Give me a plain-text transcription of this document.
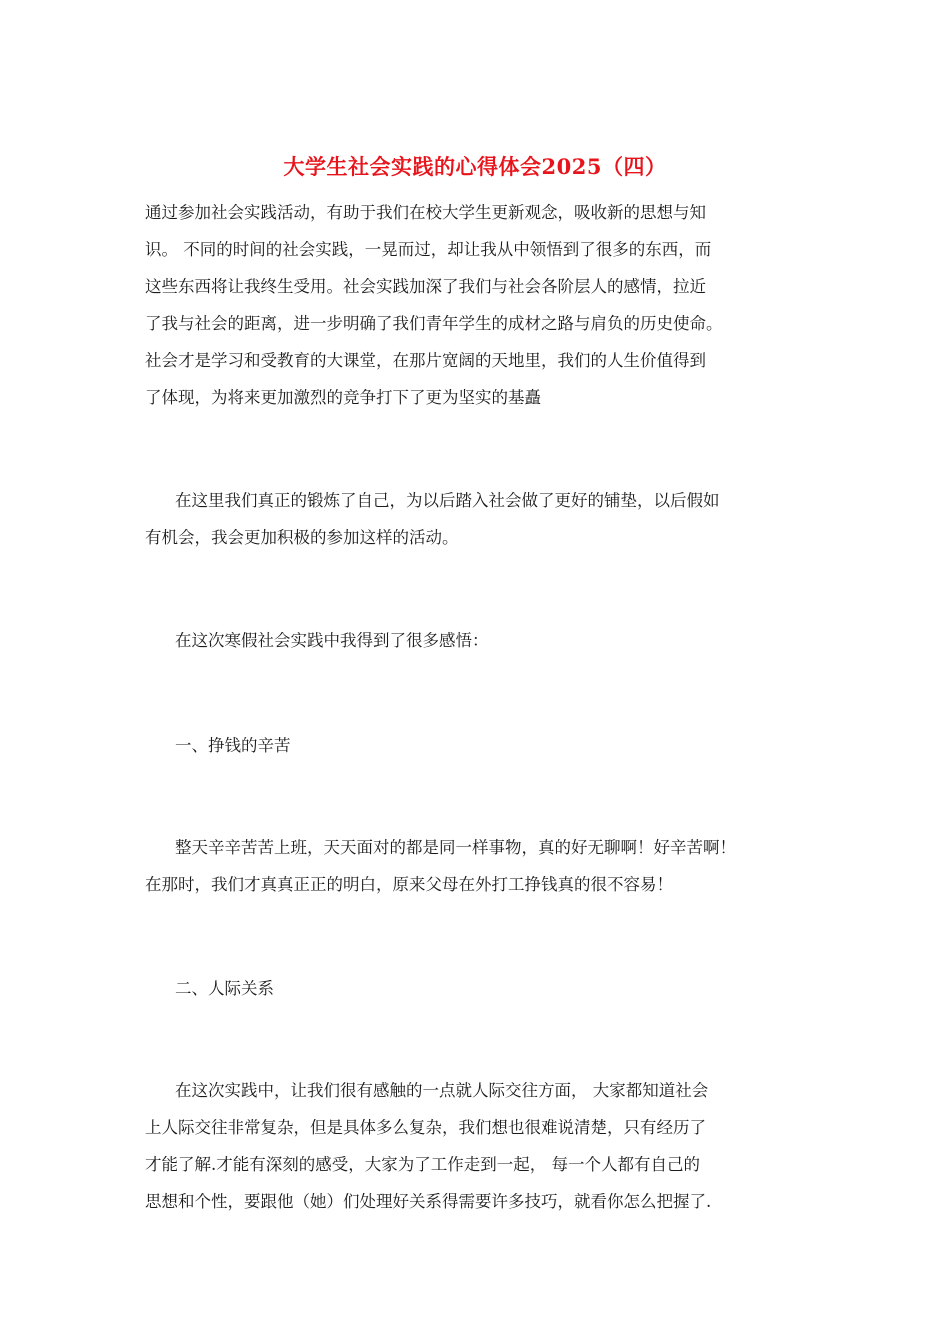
大学生社会实践的心得体会2025（四）
通过参加社会实践活动，有助于我们在校大学生更新观念，吸收新的思想与知
识。 不同的时间的社会实践，一晃而过，却让我从中领悟到了很多的东西，而
这些东西将让我终生受用。社会实践加深了我们与社会各阶层人的感情，拉近
了我与社会的距离，进一步明确了我们青年学生的成材之路与肩负的历史使命。
社会才是学习和受教育的大课堂，在那片宽阔的天地里，我们的人生价值得到
了体现，为将来更加激烈的竞争打下了更为坚实的基矗
在这里我们真正的锻炼了自己，为以后踏入社会做了更好的铺垫，以后假如
有机会，我会更加积极的参加这样的活动。
在这次寒假社会实践中我得到了很多感悟：
一、挣钱的辛苦
整天辛辛苦苦上班，天天面对的都是同一样事物，真的好无聊啊！好辛苦啊！
在那时，我们才真真正正的明白，原来父母在外打工挣钱真的很不容易！
二、人际关系
在这次实践中，让我们很有感触的一点就人际交往方面， 大家都知道社会
上人际交往非常复杂，但是具体多么复杂，我们想也很难说清楚，只有经历了
才能了解.才能有深刻的感受，大家为了工作走到一起， 每一个人都有自己的
思想和个性，要跟他（她）们处理好关系得需要许多技巧，就看你怎么把握了.
